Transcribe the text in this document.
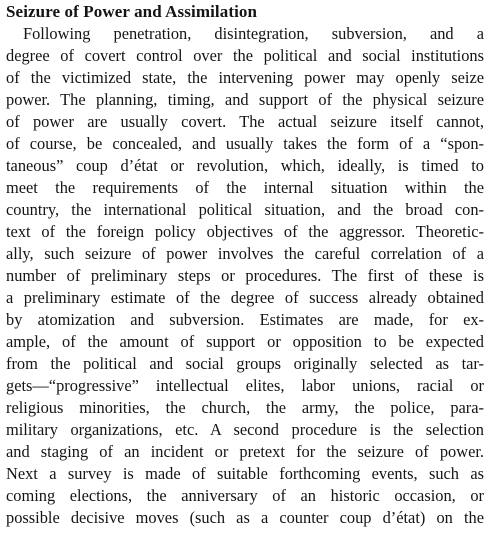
Seizure of Power and Assimilation
Following penetration, disintegration, subversion, and a
degree of covert control over the political and social institutions
of the victimized state, the intervening power may openly seize
power. The planning, timing, and support of the physical seizure
of power are usually covert. The actual seizure itself cannot,
of course, be concealed, and usually takes the form of a “spon-
taneous” coup d’état or revolution, which, ideally, is timed to
meet the requirements of the internal situation within the
country, the international political situation, and the broad con-
text of the foreign policy objectives of the aggressor. Theoretic-
ally, such seizure of power involves the careful correlation of a
number of preliminary steps or procedures. The first of these is
a preliminary estimate of the degree of success already obtained
by atomization and subversion. Estimates are made, for ex-
ample, of the amount of support or opposition to be expected
from the political and social groups originally selected as tar-
gets—“progressive” intellectual elites, labor unions, racial or
religious minorities, the church, the army, the police, para-
military organizations, etc. A second procedure is the selection
and staging of an incident or pretext for the seizure of power.
Next a survey is made of suitable forthcoming events, such as
coming elections, the anniversary of an historic occasion, or
possible decisive moves (such as a counter coup d’état) on the
